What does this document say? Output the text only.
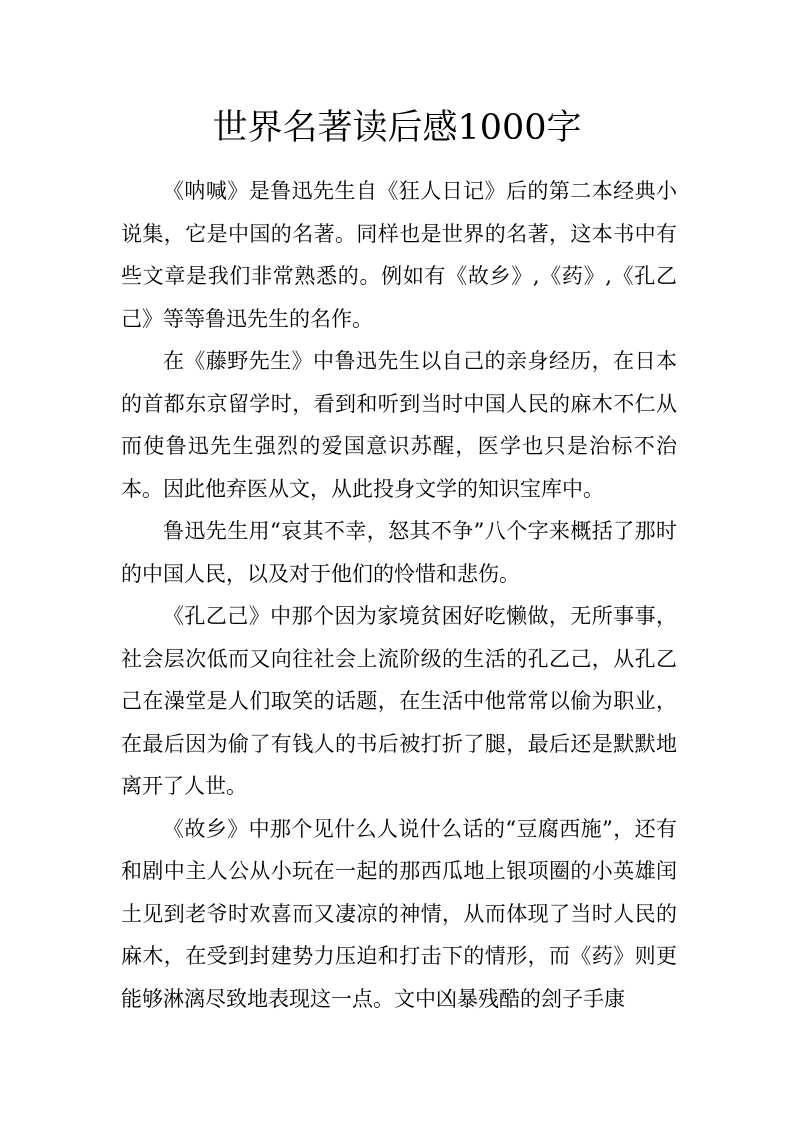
世界名著读后感1000字

《呐喊》是鲁迅先生自《狂人日记》后的第二本经典小说集，它是中国的名著。同样也是世界的名著，这本书中有些文章是我们非常熟悉的。例如有《故乡》,《药》,《孔乙己》等等鲁迅先生的名作。

在《藤野先生》中鲁迅先生以自己的亲身经历，在日本的首都东京留学时，看到和听到当时中国人民的麻木不仁从而使鲁迅先生强烈的爱国意识苏醒，医学也只是治标不治本。因此他弃医从文，从此投身文学的知识宝库中。

鲁迅先生用“哀其不幸，怒其不争”八个字来概括了那时的中国人民，以及对于他们的怜惜和悲伤。

《孔乙己》中那个因为家境贫困好吃懒做，无所事事，社会层次低而又向往社会上流阶级的生活的孔乙己，从孔乙己在澡堂是人们取笑的话题，在生活中他常常以偷为职业，在最后因为偷了有钱人的书后被打折了腿，最后还是默默地离开了人世。

《故乡》中那个见什么人说什么话的“豆腐西施”，还有和剧中主人公从小玩在一起的那西瓜地上银项圈的小英雄闰土见到老爷时欢喜而又凄凉的神情，从而体现了当时人民的麻木，在受到封建势力压迫和打击下的情形，而《药》则更能够淋漓尽致地表现这一点。文中凶暴残酷的刽子手康
